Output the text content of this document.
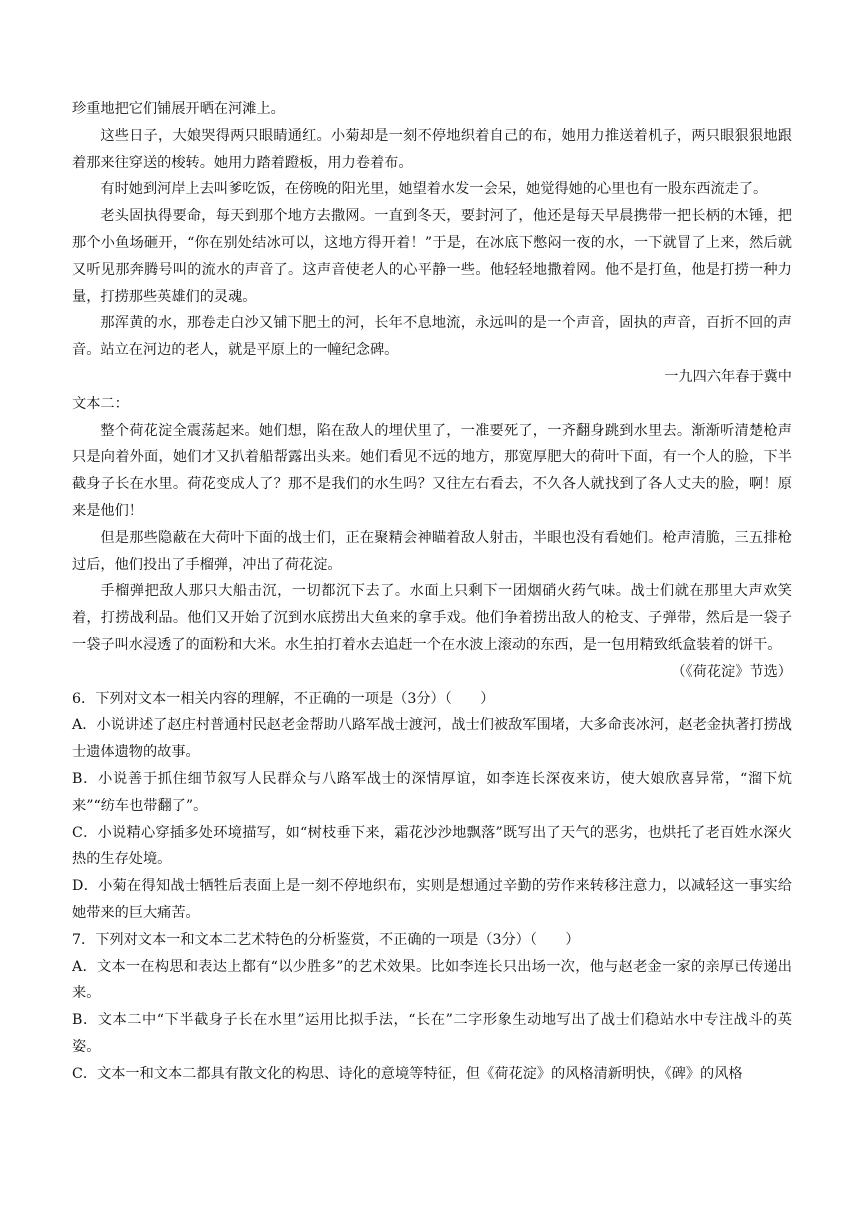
珍重地把它们铺展开晒在河滩上。

这些日子，大娘哭得两只眼睛通红。小菊却是一刻不停地织着自己的布，她用力推送着机子，两只眼狠狠地跟着那来往穿送的梭转。她用力踏着蹬板，用力卷着布。

有时她到河岸上去叫爹吃饭，在傍晚的阳光里，她望着水发一会呆，她觉得她的心里也有一股东西流走了。

老头固执得要命，每天到那个地方去撒网。一直到冬天，要封河了，他还是每天早晨携带一把长柄的木锤，把那个小鱼场砸开，“你在别处结冰可以，这地方得开着！”于是，在冰底下憋闷一夜的水，一下就冒了上来，然后就又听见那奔腾号叫的流水的声音了。这声音使老人的心平静一些。他轻轻地撒着网。他不是打鱼，他是打捞一种力量，打捞那些英雄们的灵魂。

那浑黄的水，那卷走白沙又铺下肥土的河，长年不息地流，永远叫的是一个声音，固执的声音，百折不回的声音。站立在河边的老人，就是平原上的一幢纪念碑。

一九四六年春于冀中

文本二：

整个荷花淀全震荡起来。她们想，陷在敌人的埋伏里了，一准要死了，一齐翻身跳到水里去。渐渐听清楚枪声只是向着外面，她们才又扒着船帮露出头来。她们看见不远的地方，那宽厚肥大的荷叶下面，有一个人的脸，下半截身子长在水里。荷花变成人了？那不是我们的水生吗？又往左右看去，不久各人就找到了各人丈夫的脸，啊！原来是他们！

但是那些隐蔽在大荷叶下面的战士们，正在聚精会神瞄着敌人射击，半眼也没有看她们。枪声清脆，三五排枪过后，他们投出了手榴弹，冲出了荷花淀。

手榴弹把敌人那只大船击沉，一切都沉下去了。水面上只剩下一团烟硝火药气味。战士们就在那里大声欢笑着，打捞战利品。他们又开始了沉到水底捞出大鱼来的拿手戏。他们争着捞出敌人的枪支、子弹带，然后是一袋子一袋子叫水浸透了的面粉和大米。水生拍打着水去追赶一个在水波上滚动的东西，是一包用精致纸盒装着的饼干。

（《荷花淀》节选）

6．下列对文本一相关内容的理解，不正确的一项是（3分）（　　）

A．小说讲述了赵庄村普通村民赵老金帮助八路军战士渡河，战士们被敌军围堵，大多命丧冰河，赵老金执著打捞战士遗体遗物的故事。

B．小说善于抓住细节叙写人民群众与八路军战士的深情厚谊，如李连长深夜来访，使大娘欣喜异常，“溜下炕来”“纺车也带翻了”。

C．小说精心穿插多处环境描写，如“树枝垂下来，霜花沙沙地飘落”既写出了天气的恶劣，也烘托了老百姓水深火热的生存处境。

D．小菊在得知战士牺牲后表面上是一刻不停地织布，实则是想通过辛勤的劳作来转移注意力，以减轻这一事实给她带来的巨大痛苦。

7．下列对文本一和文本二艺术特色的分析鉴赏，不正确的一项是（3分）（　　）

A．文本一在构思和表达上都有“以少胜多”的艺术效果。比如李连长只出场一次，他与赵老金一家的亲厚已传递出来。

B．文本二中“下半截身子长在水里”运用比拟手法，“长在”二字形象生动地写出了战士们稳站水中专注战斗的英姿。

C．文本一和文本二都具有散文化的构思、诗化的意境等特征，但《荷花淀》的风格清新明快，《碑》的风格
